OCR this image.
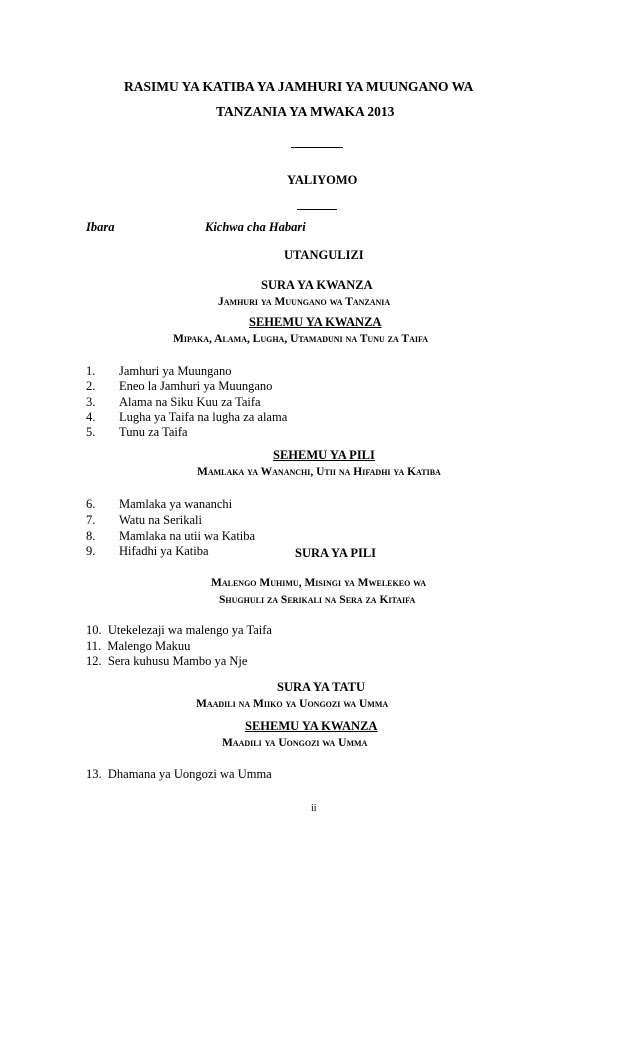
RASIMU YA KATIBA YA JAMHURI YA MUUNGANO WA
TANZANIA YA MWAKA 2013
YALIYOMO
Ibara	Kichwa cha Habari
UTANGULIZI
SURA YA KWANZA
Jamhuri ya Muungano wa Tanzania
SEHEMU YA KWANZA
Mipaka, Alama, Lugha, Utamaduni na Tunu za Taifa
1. Jamhuri ya Muungano
2. Eneo la Jamhuri ya Muungano
3. Alama na Siku Kuu za Taifa
4. Lugha ya Taifa na lugha za alama
5. Tunu za Taifa
SEHEMU YA PILI
Mamlaka ya Wananchi, Utii na Hifadhi ya Katiba
6. Mamlaka ya wananchi
7. Watu na Serikali
8. Mamlaka na utii wa Katiba
9. Hifadhi ya Katiba	SURA YA PILI
Malengo Muhimu, Misingi ya Mwelekeo wa
Shughuli za Serikali na Sera za Kitaifa
10.  Utekelezaji wa malengo ya Taifa
11.  Malengo Makuu
12.  Sera kuhusu Mambo ya Nje
SURA YA TATU
Maadili na Miiko ya Uongozi wa Umma
SEHEMU YA KWANZA
Maadili ya Uongozi wa Umma
13.  Dhamana ya Uongozi wa Umma
ii
